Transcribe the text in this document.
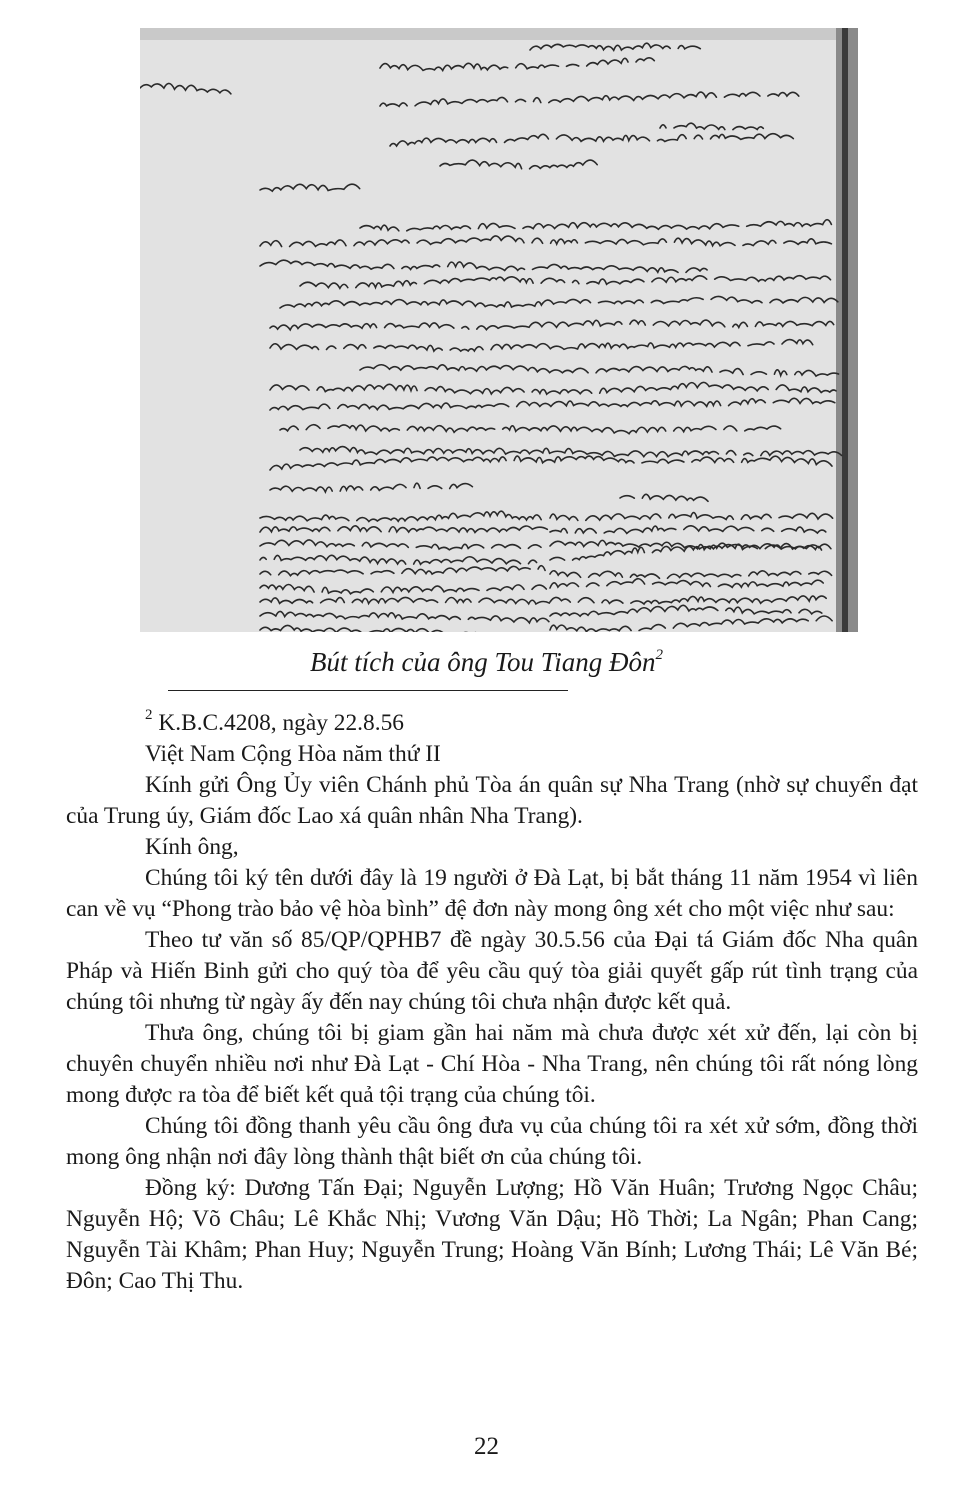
Bút tích của ông Tou Tiang Đôn$^2$

$^2$ K.B.C.4208, ngày 22.8.56

Việt Nam Cộng Hòa năm thứ II

Kính gửi Ông Ủy viên Chánh phủ Tòa án quân sự Nha Trang (nhờ sự chuyển đạt của Trung úy, Giám đốc Lao xá quân nhân Nha Trang).

Kính ông,

Chúng tôi ký tên dưới đây là 19 người ở Đà Lạt, bị bắt tháng 11 năm 1954 vì liên can về vụ “Phong trào bảo vệ hòa bình” đệ đơn này mong ông xét cho một việc như sau:

Theo tư văn số 85/QP/QPHB7 đề ngày 30.5.56 của Đại tá Giám đốc Nha quân Pháp và Hiến Binh gửi cho quý tòa để yêu cầu quý tòa giải quyết gấp rút tình trạng của chúng tôi nhưng từ ngày ấy đến nay chúng tôi chưa nhận được kết quả.

Thưa ông, chúng tôi bị giam gần hai năm mà chưa được xét xử đến, lại còn bị chuyên chuyển nhiều nơi như Đà Lạt - Chí Hòa - Nha Trang, nên chúng tôi rất nóng lòng mong được ra tòa để biết kết quả tội trạng của chúng tôi.

Chúng tôi đồng thanh yêu cầu ông đưa vụ của chúng tôi ra xét xử sớm, đồng thời mong ông nhận nơi đây lòng thành thật biết ơn của chúng tôi.

Đồng ký: Dương Tấn Đại; Nguyễn Lượng; Hồ Văn Huân; Trương Ngọc Châu; Nguyễn Hộ; Võ Châu; Lê Khắc Nhị; Vương Văn Dậu; Hồ Thời; La Ngân; Phan Cang; Nguyễn Tài Khâm; Phan Huy; Nguyễn Trung; Hoàng Văn Bính; Lương Thái; Lê Văn Bé; Đôn; Cao Thị Thu.

22
